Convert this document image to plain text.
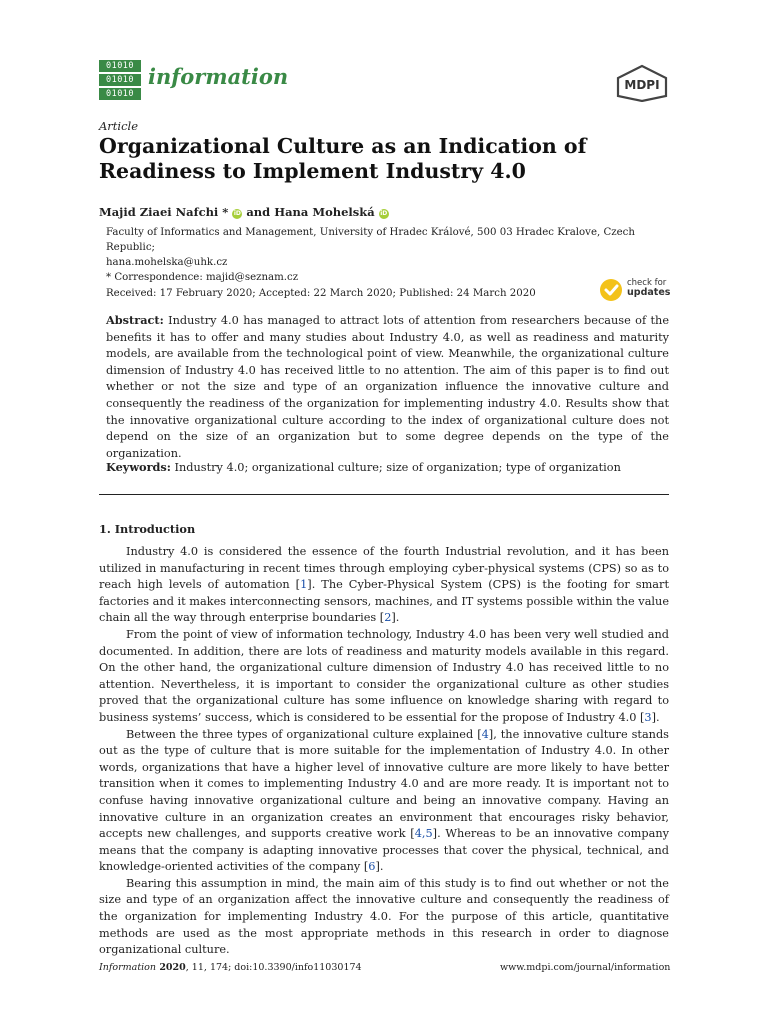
01010
01010
01010
information	MDPI
Article
Organizational Culture as an Indication of Readiness to Implement Industry 4.0
Majid Ziaei Nafchi * iD and Hana Mohelská iD
Faculty of Informatics and Management, University of Hradec Králové, 500 03 Hradec Kralove, Czech Republic;
hana.mohelska@uhk.cz
* Correspondence: majid@seznam.cz
Received: 17 February 2020; Accepted: 22 March 2020; Published: 24 March 2020
check for
updates
Abstract: Industry 4.0 has managed to attract lots of attention from researchers because of the benefits it has to offer and many studies about Industry 4.0, as well as readiness and maturity models, are available from the technological point of view. Meanwhile, the organizational culture dimension of Industry 4.0 has received little to no attention. The aim of this paper is to find out whether or not the size and type of an organization influence the innovative culture and consequently the readiness of the organization for implementing industry 4.0. Results show that the innovative organizational culture according to the index of organizational culture does not depend on the size of an organization but to some degree depends on the type of the organization.
Keywords: Industry 4.0; organizational culture; size of organization; type of organization
1. Introduction

Industry 4.0 is considered the essence of the fourth Industrial revolution, and it has been utilized in manufacturing in recent times through employing cyber-physical systems (CPS) so as to reach high levels of automation [1]. The Cyber-Physical System (CPS) is the footing for smart factories and it makes interconnecting sensors, machines, and IT systems possible within the value chain all the way through enterprise boundaries [2].

From the point of view of information technology, Industry 4.0 has been very well studied and documented. In addition, there are lots of readiness and maturity models available in this regard. On the other hand, the organizational culture dimension of Industry 4.0 has received little to no attention. Nevertheless, it is important to consider the organizational culture as other studies proved that the organizational culture has some influence on knowledge sharing with regard to business systems’ success, which is considered to be essential for the propose of Industry 4.0 [3].

Between the three types of organizational culture explained [4], the innovative culture stands out as the type of culture that is more suitable for the implementation of Industry 4.0. In other words, organizations that have a higher level of innovative culture are more likely to have better transition when it comes to implementing Industry 4.0 and are more ready. It is important not to confuse having innovative organizational culture and being an innovative company. Having an innovative culture in an organization creates an environment that encourages risky behavior, accepts new challenges, and supports creative work [4,5]. Whereas to be an innovative company means that the company is adapting innovative processes that cover the physical, technical, and knowledge-oriented activities of the company [6].

Bearing this assumption in mind, the main aim of this study is to find out whether or not the size and type of an organization affect the innovative culture and consequently the readiness of the organization for implementing Industry 4.0. For the purpose of this article, quantitative methods are used as the most appropriate methods in this research in order to diagnose organizational culture.

Information 2020, 11, 174; doi:10.3390/info11030174	www.mdpi.com/journal/information
